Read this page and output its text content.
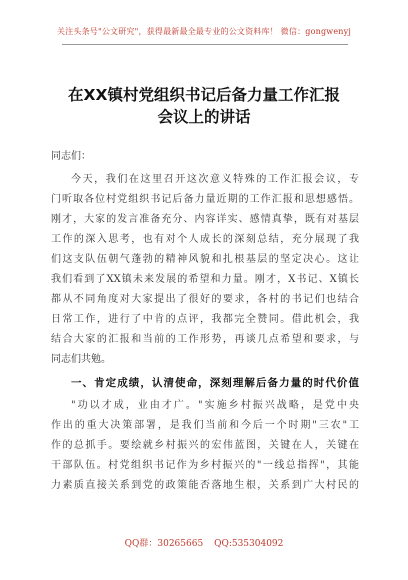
关注头条号"公文研究"，获得最新最全最专业的公文资料库！ 微信：gongwenyj
在XX镇村党组织书记后备力量工作汇报
会议上的讲话
同志们：
今天，我们在这里召开这次意义特殊的工作汇报会议，专
门听取各位村党组织书记后备力量近期的工作汇报和思想感悟。
刚才，大家的发言准备充分、内容详实、感情真挚，既有对基层
工作的深入思考，也有对个人成长的深刻总结，充分展现了我
们这支队伍朝气蓬勃的精神风貌和扎根基层的坚定决心。这让
我们看到了XX镇未来发展的希望和力量。刚才，X书记、X镇长
都从不同角度对大家提出了很好的要求，各村的书记们也结合
日常工作，进行了中肯的点评，我都完全赞同。借此机会，我
结合大家的汇报和当前的工作形势，再谈几点希望和要求，与
同志们共勉。
一、肯定成绩，认清使命，深刻理解后备力量的时代价值
"功以才成，业由才广。"实施乡村振兴战略，是党中央
作出的重大决策部署，是我们当前和今后一个时期"三农"工
作的总抓手。要绘就乡村振兴的宏伟蓝图，关键在人，关键在
干部队伍。村党组织书记作为乡村振兴的"一线总指挥"，其能
力素质直接关系到党的政策能否落地生根，关系到广大村民的
QQ群：30265665 QQ:535304092
